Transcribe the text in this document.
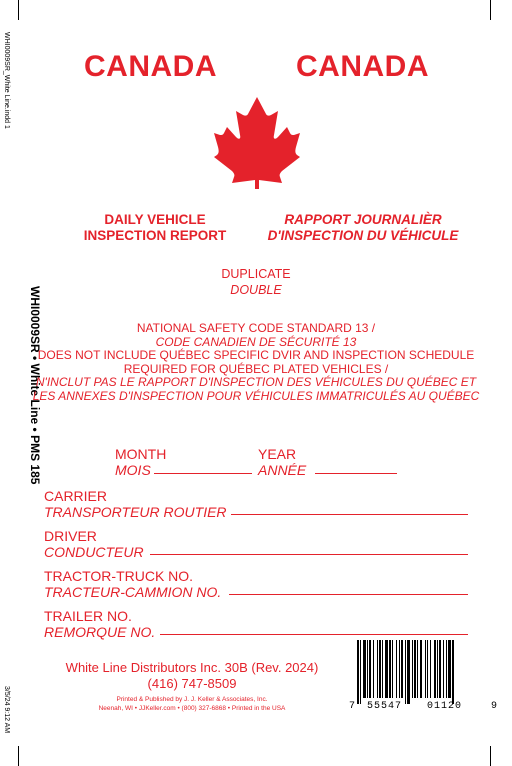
WHI0009SR_White Line.indd 1
WHI0009SR • White Line • PMS 185
3/5/24 9:12 AM
CANADA	CANADA
DAILY VEHICLE
INSPECTION REPORT
RAPPORT JOURNALIÈR
D'INSPECTION DU VÉHICULE
DUPLICATE
DOUBLE
NATIONAL SAFETY CODE STANDARD 13 /
CODE CANADIEN DE SÉCURITÉ 13
DOES NOT INCLUDE QUÉBEC SPECIFIC DVIR AND INSPECTION SCHEDULE
REQUIRED FOR QUÉBEC PLATED VEHICLES /
N'INCLUT PAS LE RAPPORT D'INSPECTION DES VÉHICULES DU QUÉBEC ET
LES ANNEXES D'INSPECTION POUR VÉHICULES IMMATRICULÉS AU QUÉBEC
MONTH
MOIS
YEAR
ANNÉE
CARRIER
TRANSPORTEUR ROUTIER
DRIVER
CONDUCTEUR
TRACTOR-TRUCK NO.
TRACTEUR-CAMMION NO.
TRAILER NO.
REMORQUE NO.
White Line Distributors Inc. 30B (Rev. 2024)
(416) 747-8509
Printed & Published by J. J. Keller & Associates, Inc.
Neenah, WI • JJKeller.com • (800) 327-6868 • Printed in the USA	7 55547 01120	9
